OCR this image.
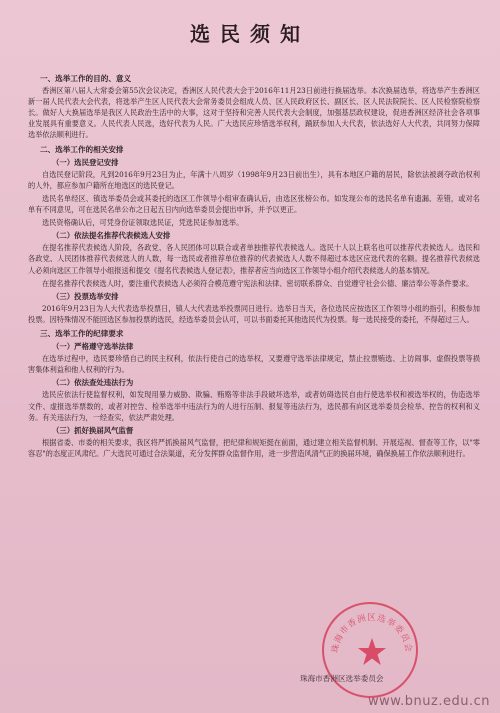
选民须知
一、选举工作的目的、意义
香洲区第八届人大常委会第55次会议决定，香洲区人民代表大会于2016年11月23日前进行换届选举。本次换届选举，将选举产生香洲区新一届人民代表大会代表，将选举产生区人民代表大会常务委员会组成人员、区人民政府区长、副区长、区人民法院院长、区人民检察院检察长。做好人大换届选举是我区人民政治生活中的大事，这对于坚持和完善人民代表大会制度，加强基层政权建设，促进香洲区经济社会各项事业发展具有重要意义。人民代表人民选，选好代表为人民。广大选民应珍惜选举权利，踊跃参加人大代表，依法选好人大代表，共同努力保障选举依法顺利进行。
二、选举工作的相关安排
（一）选民登记安排
自选民登记阶段，凡到2016年9月23日为止，年满十八周岁（1998年9月23日前出生），具有本地区户籍的居民，除依法被剥夺政治权利的人外，都应参加户籍所在地选区的选民登记。
选民名单经区、镇选举委员会或其委托的选区工作领导小组审查确认后，由选区张榜公布。如发现公布的选民名单有遗漏、差错，或对名单有不同意见，可在选民名单公布之日起五日内向选举委员会提出申诉，并予以更正。
选民资格确认后，可凭身份证领取选民证，凭选民证参加选举。
（二）依法提名推荐代表候选人安排
在提名推荐代表候选人阶段，各政党、各人民团体可以联合或者单独推荐代表候选人。选民十人以上联名也可以推荐代表候选人。选民和各政党、人民团体推荐代表候选人的人数，每一选民或者推荐单位推荐的代表候选人人数不得超过本选区应选代表的名额。提名推荐代表候选人必须向选区工作领导小组报送和提交《提名代表候选人登记表》，推荐者应当向选区工作领导小组介绍代表候选人的基本情况。
在提名推荐代表候选人时，要注重代表候选人必须符合模范遵守宪法和法律、密切联系群众、自觉遵守社会公德、廉洁奉公等条件要求。
（三）投票选举安排
2016年9月23日为人大代表选举投票日，镇人大代表选举投票同日进行。选举日当天，各位选民应按选区工作领导小组的指引，积极参加投票。因特殊情况不能回选区参加投票的选民，经选举委员会认可，可以书面委托其他选民代为投票。每一选民接受的委托，不得超过三人。
三、选举工作的纪律要求
（一）严格遵守选举法律
在选举过程中，选民要珍惜自己的民主权利，依法行使自己的选举权，又要遵守选举法律规定，禁止拉票贿选、上访闹事、虚假投票等损害集体利益和他人权利的行为。
（二）依法查处违法行为
选民应依法行使监督权利，如发现用暴力威胁、欺骗、贿赂等非法手段破坏选举，或者妨碍选民自由行使选举权和被选举权的，伪造选举文件、虚报选举票数的，或者对控告、检举选举中违法行为的人进行压制、报复等违法行为，选民都有向区选举委员会检举、控告的权利和义务。有关违法行为，一经查实，依法严肃处理。
（三）抓好换届风气监督
根据省委、市委的相关要求，我区将严抓换届风气监督，把纪律和规矩挺在前面，通过建立相关监督机制、开展巡视、督查等工作，以"零容忍"的态度正风肃纪。广大选民可通过合法渠道，充分发挥群众监督作用，进一步营造风清气正的换届环境，确保换届工作依法顺利进行。
珠海市香洲区选举委员会
珠海市香洲区选举委员会
www.bnuz.edu.cn
